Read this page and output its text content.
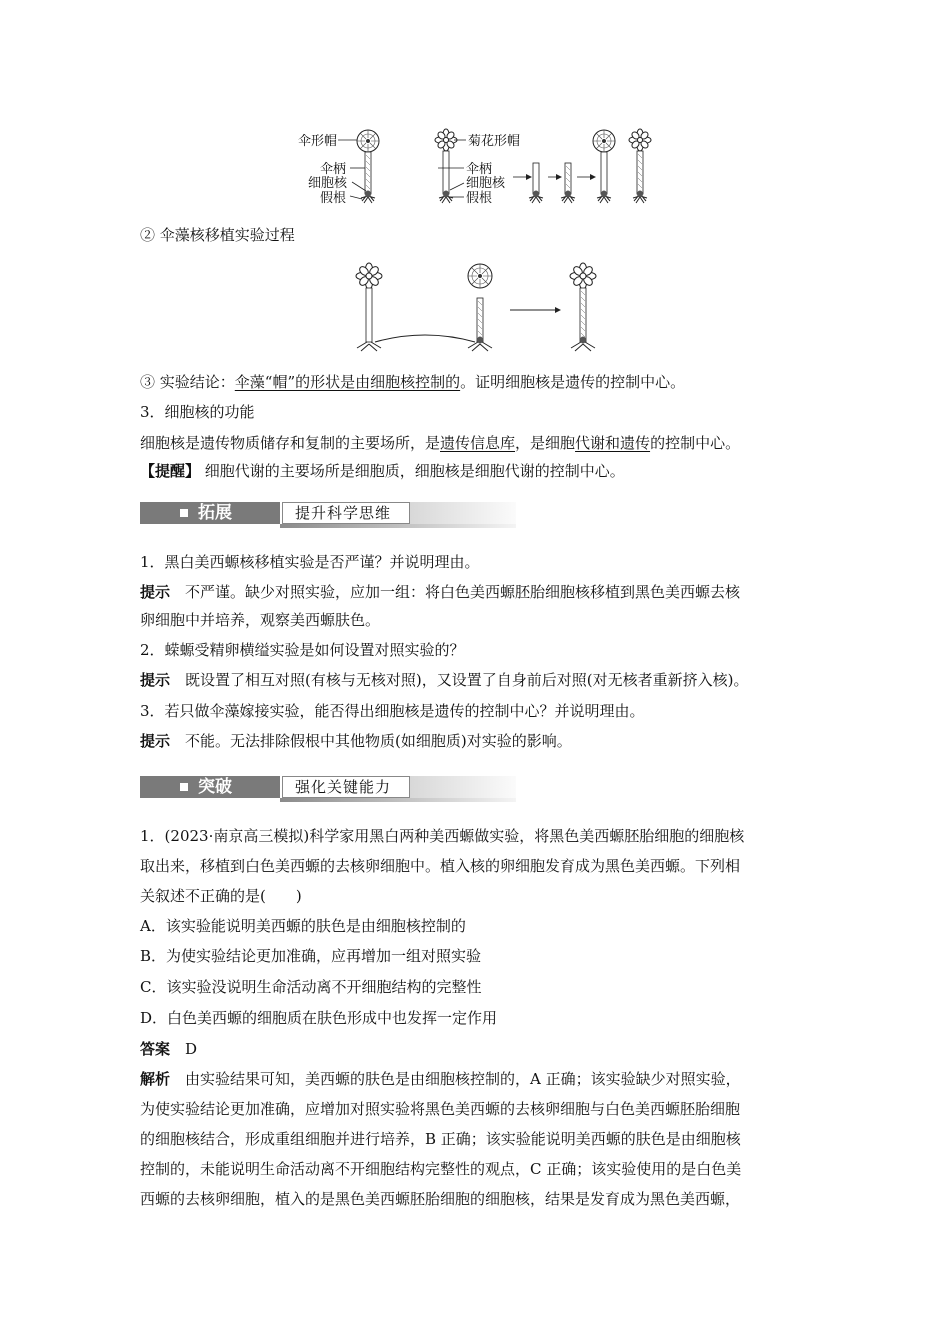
伞形帽
伞柄
细胞核
假根
菊花形帽
伞柄
细胞核
假根
② 伞藻核移植实验过程
③ 实验结论：伞藻“帽”的形状是由细胞核控制的。证明细胞核是遗传的控制中心。
3．细胞核的功能
细胞核是遗传物质储存和复制的主要场所，是遗传信息库，是细胞代谢和遗传的控制中心。
【提醒】 细胞代谢的主要场所是细胞质，细胞核是细胞代谢的控制中心。
拓展	提升科学思维
1．黑白美西螈核移植实验是否严谨？并说明理由。
提示　 不严谨。缺少对照实验，应加一组：将白色美西螈胚胎细胞核移植到黑色美西螈去核
卵细胞中并培养，观察美西螈肤色。
2．蝾螈受精卵横缢实验是如何设置对照实验的？
提示　 既设置了相互对照(有核与无核对照)，又设置了自身前后对照(对无核者重新挤入核)。
3．若只做伞藻嫁接实验，能否得出细胞核是遗传的控制中心？并说明理由。
提示　 不能。无法排除假根中其他物质(如细胞质)对实验的影响。
突破	强化关键能力
1．(2023·南京高三模拟)科学家用黑白两种美西螈做实验，将黑色美西螈胚胎细胞的细胞核
取出来，移植到白色美西螈的去核卵细胞中。植入核的卵细胞发育成为黑色美西螈。下列相
关叙述不正确的是(　　)
A．该实验能说明美西螈的肤色是由细胞核控制的
B．为使实验结论更加准确，应再增加一组对照实验
C．该实验没说明生命活动离不开细胞结构的完整性
D．白色美西螈的细胞质在肤色形成中也发挥一定作用
答案　 D
解析　 由实验结果可知，美西螈的肤色是由细胞核控制的，A 正确；该实验缺少对照实验，
为使实验结论更加准确，应增加对照实验将黑色美西螈的去核卵细胞与白色美西螈胚胎细胞
的细胞核结合，形成重组细胞并进行培养，B 正确；该实验能说明美西螈的肤色是由细胞核
控制的，未能说明生命活动离不开细胞结构完整性的观点，C 正确；该实验使用的是白色美
西螈的去核卵细胞，植入的是黑色美西螈胚胎细胞的细胞核，结果是发育成为黑色美西螈，
